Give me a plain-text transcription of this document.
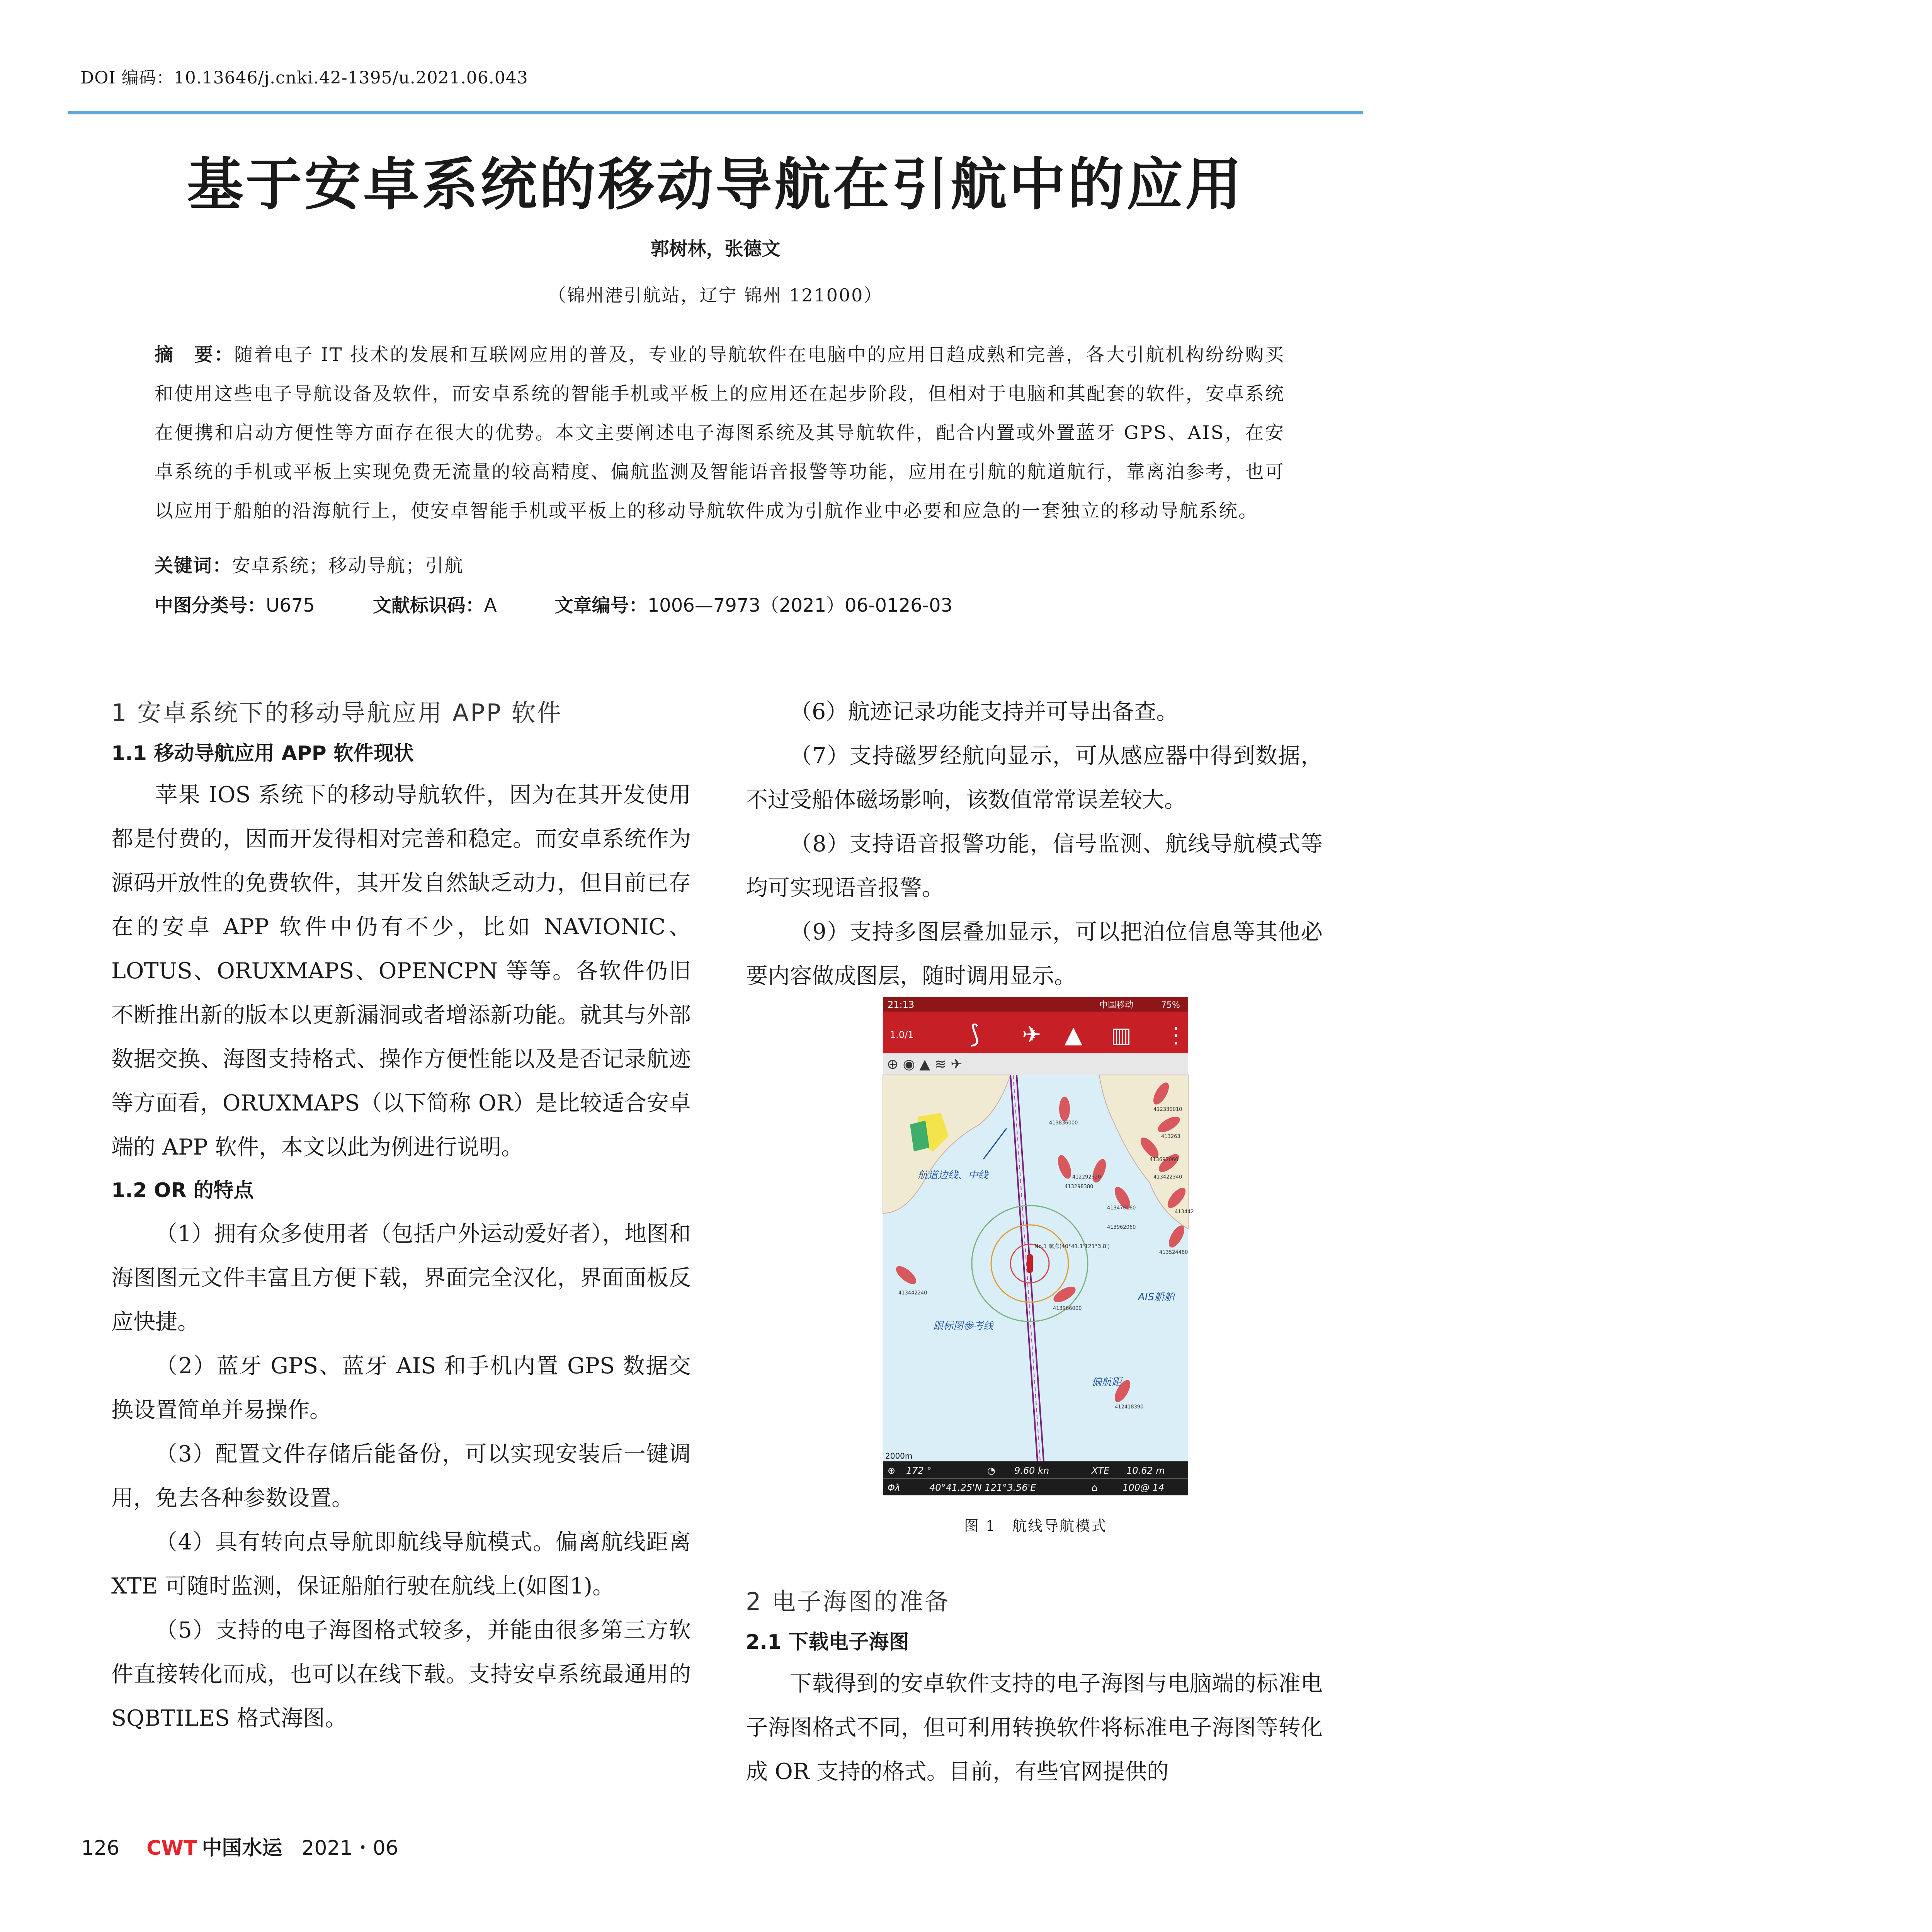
DOI 编码：10.13646/j.cnki.42-1395/u.2021.06.043
基于安卓系统的移动导航在引航中的应用
郭树林，张德文
（锦州港引航站，辽宁 锦州 121000）
摘　要：随着电子 IT 技术的发展和互联网应用的普及，专业的导航软件在电脑中的应用日趋成熟和完善，各大引航机构纷纷购买和使用这些电子导航设备及软件，而安卓系统的智能手机或平板上的应用还在起步阶段，但相对于电脑和其配套的软件，安卓系统在便携和启动方便性等方面存在很大的优势。本文主要阐述电子海图系统及其导航软件，配合内置或外置蓝牙 GPS、AIS，在安卓系统的手机或平板上实现免费无流量的较高精度、偏航监测及智能语音报警等功能，应用在引航的航道航行，靠离泊参考，也可以应用于船舶的沿海航行上，使安卓智能手机或平板上的移动导航软件成为引航作业中必要和应急的一套独立的移动导航系统。
关键词：安卓系统；移动导航；引航
中图分类号：U675	文献标识码：A	文章编号：1006—7973（2021）06-0126-03
1 安卓系统下的移动导航应用 APP 软件
1.1 移动导航应用 APP 软件现状

苹果 IOS 系统下的移动导航软件，因为在其开发使用都是付费的，因而开发得相对完善和稳定。而安卓系统作为源码开放性的免费软件，其开发自然缺乏动力，但目前已存在的安卓 APP 软件中仍有不少，比如 NAVIONIC、LOTUS、ORUXMAPS、OPENCPN 等等。各软件仍旧不断推出新的版本以更新漏洞或者增添新功能。就其与外部数据交换、海图支持格式、操作方便性能以及是否记录航迹等方面看，ORUXMAPS（以下简称 OR）是比较适合安卓端的 APP 软件，本文以此为例进行说明。

1.2 OR 的特点

（1）拥有众多使用者（包括户外运动爱好者），地图和海图图元文件丰富且方便下载，界面完全汉化，界面面板反应快捷。

（2）蓝牙 GPS、蓝牙 AIS 和手机内置 GPS 数据交换设置简单并易操作。

（3）配置文件存储后能备份，可以实现安装后一键调用，免去各种参数设置。

（4）具有转向点导航即航线导航模式。偏离航线距离 XTE 可随时监测，保证船舶行驶在航线上(如图1)。

（5）支持的电子海图格式较多，并能由很多第三方软件直接转化而成，也可以在线下载。支持安卓系统最通用的 SQBTILES 格式海图。

（6）航迹记录功能支持并可导出备查。

（7）支持磁罗经航向显示，可从感应器中得到数据，不过受船体磁场影响，该数值常常误差较大。

（8）支持语音报警功能，信号监测、航线导航模式等均可实现语音报警。

（9）支持多图层叠加显示，可以把泊位信息等其他必要内容做成图层，随时调用显示。

21:13	中国移动	75%
1.0/1 ⟆ ✈ ▲ ▥ ⋮
⊕ ◉ ▲ ≋ ✈
No.1 航点(40°41.1'121°3.8')
413836000
412330010
413263
413692060
413422340
412292520
413298380
413476160
413442
413962060
413524480
413442240
413966000
412418390
航道边线、中线
跟标图参考线
AIS船舶
偏航距
2000m
⊕ 172 °	◔ 9.60 kn	XTE 10.62 m
Φλ	40°41.25'N 121°3.56'E	⌂	100@ 14
图 1　航线导航模式
2 电子海图的准备
2.1 下载电子海图

下载得到的安卓软件支持的电子海图与电脑端的标准电子海图格式不同，但可利用转换软件将标准电子海图等转化成 OR 支持的格式。目前，有些官网提供的

126 CWT 中国水运 2021・06
